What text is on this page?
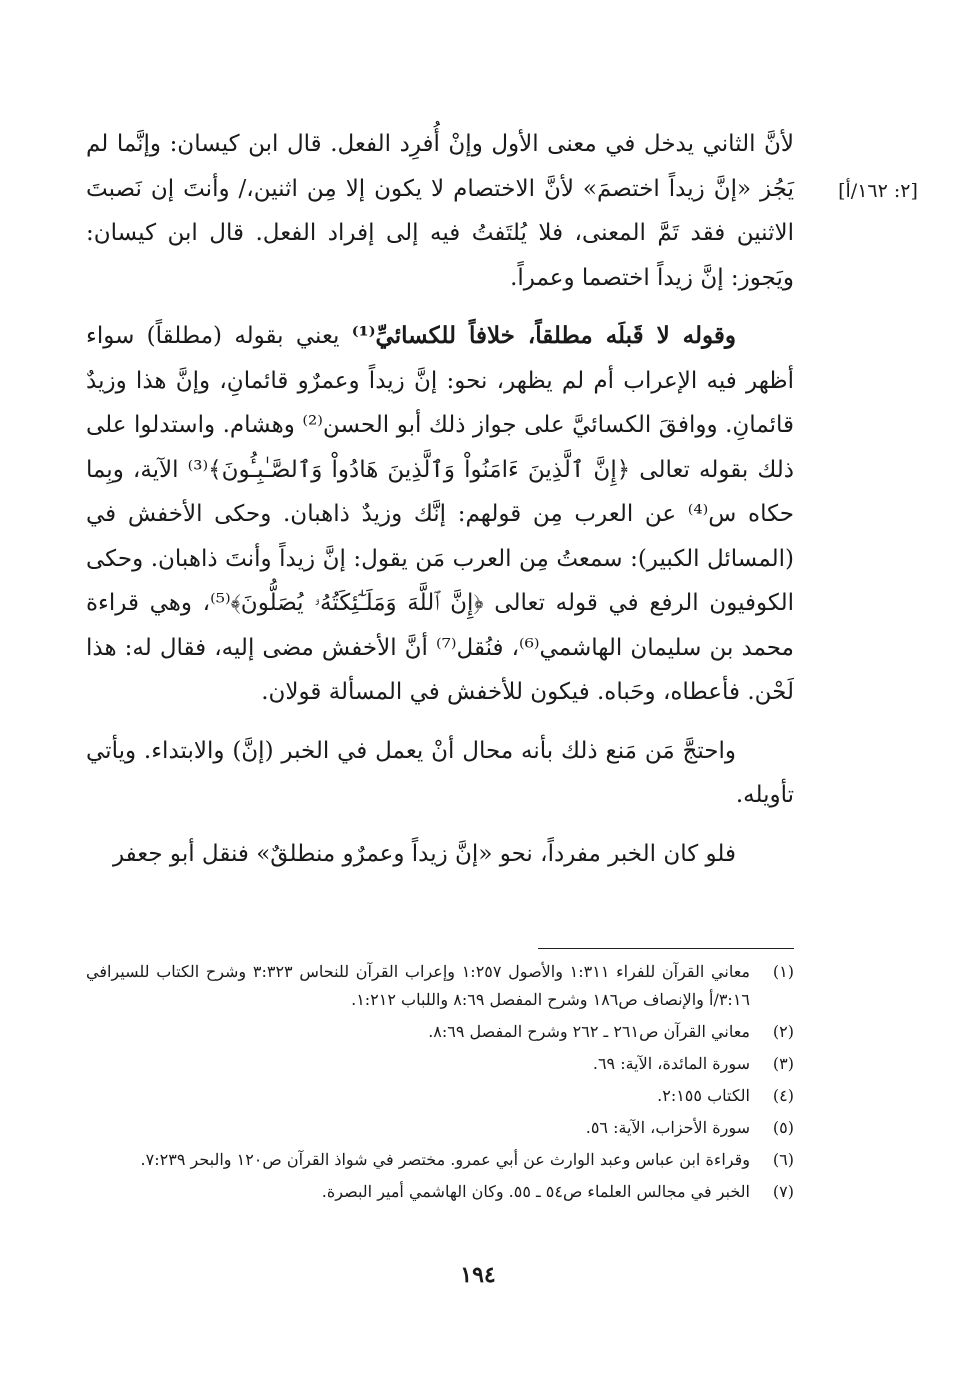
[٢: ١٦٢/أ]

لأنَّ الثاني يدخل في معنى الأول وإنْ أُفرِد الفعل. قال ابن كيسان: وإنَّما لم يَجُز «إنَّ زيداً اختصمَ» لأنَّ الاختصام لا يكون إلا مِن اثنين،/ وأنتَ إن نَصبتَ الاثنين فقد تَمَّ المعنى، فلا يُلتَفتُ فيه إلى إفراد الفعل. قال ابن كيسان: ويَجوز: إنَّ زيداً اختصما وعمراً.

وقوله لا قَبلَه مطلقاً، خلافاً للكسائيِّ⁽¹⁾ يعني بقوله (مطلقاً) سواء أظهر فيه الإعراب أم لم يظهر، نحو: إنَّ زيداً وعمرٌو قائمانِ، وإنَّ هذا وزيدٌ قائمانِ. ووافقَ الكسائيَّ على جواز ذلك أبو الحسن⁽²⁾ وهشام. واستدلوا على ذلك بقوله تعالى ﴿إِنَّ ٱلَّذِينَ ءَامَنُواْ وَٱلَّذِينَ هَادُواْ وَٱلصَّـٰبِـُٔونَ﴾⁽³⁾ الآية، وبِما حكاه س⁽⁴⁾ عن العرب مِن قولهم: إنَّك وزيدٌ ذاهبان. وحكى الأخفش في (المسائل الكبير): سمعتُ مِن العرب مَن يقول: إنَّ زيداً وأنتَ ذاهبان. وحكى الكوفيون الرفع في قوله تعالى ﴿إِنَّ ٱللَّهَ وَمَلَـٰٓئِكَتُهُۥ يُصَلُّونَ﴾⁽⁵⁾، وهي قراءة محمد بن سليمان الهاشمي⁽⁶⁾، فنُقل⁽⁷⁾ أنَّ الأخفش مضى إليه، فقال له: هذا لَحْن. فأعطاه، وحَباه. فيكون للأخفش في المسألة قولان.

واحتجَّ مَن مَنع ذلك بأنه محال أنْ يعمل في الخبر (إنَّ) والابتداء. ويأتي تأويله.

فلو كان الخبر مفرداً، نحو «إنَّ زيداً وعمرٌو منطلقٌ» فنقل أبو جعفر

(١)
معاني القرآن للفراء ١:٣١١ والأصول ١:٢٥٧ وإعراب القرآن للنحاس ٣:٣٢٣ وشرح الكتاب للسيرافي ٣:١٦/أ والإنصاف ص١٨٦ وشرح المفصل ٨:٦٩ واللباب ١:٢١٢.
(٢)
معاني القرآن ص٢٦١ ـ ٢٦٢ وشرح المفصل ٨:٦٩.
(٣)
سورة المائدة، الآية: ٦٩.
(٤)
الكتاب ٢:١٥٥.
(٥)
سورة الأحزاب، الآية: ٥٦.
(٦)
وقراءة ابن عباس وعبد الوارث عن أبي عمرو. مختصر في شواذ القرآن ص١٢٠ والبحر ٧:٢٣٩.
(٧)
الخبر في مجالس العلماء ص٥٤ ـ ٥٥. وكان الهاشمي أمير البصرة.
١٩٤
